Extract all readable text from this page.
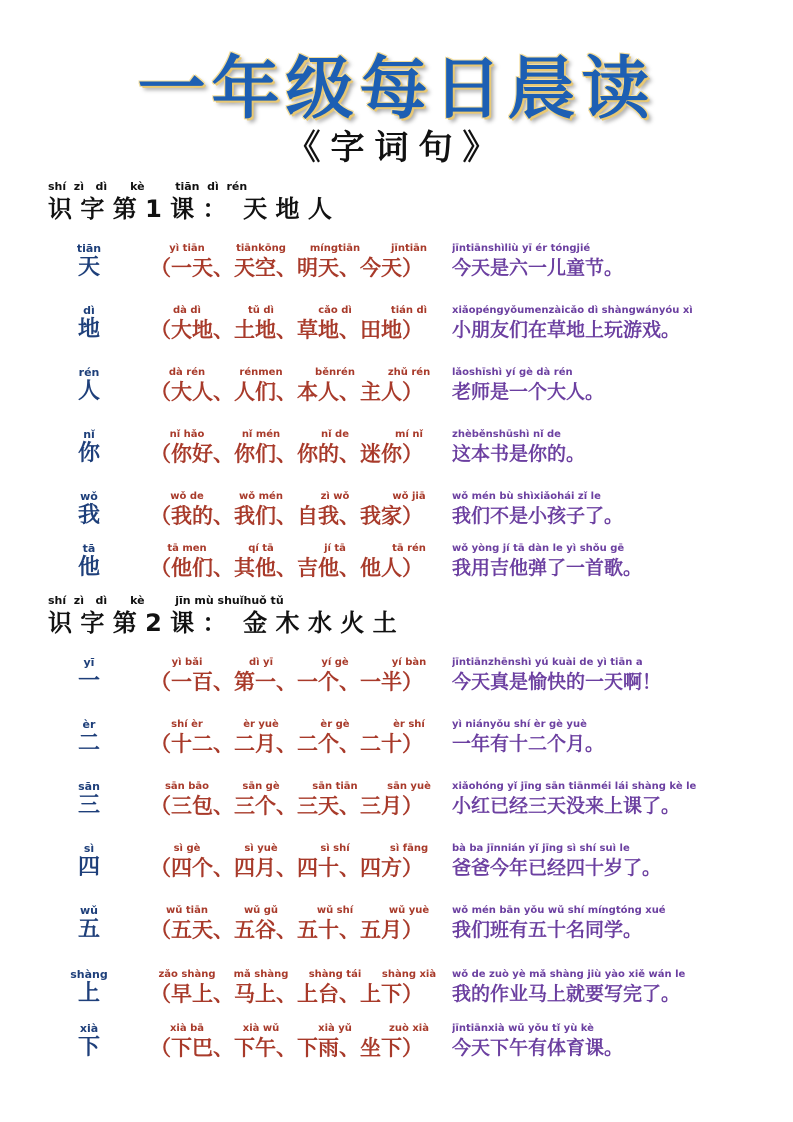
一年级每日晨读
《字词句》
shí  zì   dì      kè        tiān  dì  rén
识 字 第 1 课 ：  天 地 人
tiān
天
yì tiān	tiānkōng	míngtiān	jīntiān
（一天、天空、明天、今天）
jīntiānshìliù yī ér tóngjié
今天是六一儿童节。
dì
地
dà dì	tǔ dì	cǎo dì	tián dì
（大地、土地、草地、田地）
xiǎopéngyǒumenzàicǎo dì shàngwányóu xì
小朋友们在草地上玩游戏。
rén
人
dà rén	rénmen	běnrén	zhǔ rén
（大人、人们、本人、主人）
lǎoshīshì yí gè dà rén
老师是一个大人。
nǐ
你
nǐ hǎo	nǐ mén	nǐ de	mí nǐ
（你好、你们、你的、迷你）
zhèběnshūshì nǐ de
这本书是你的。
wǒ
我
wǒ de	wǒ mén	zì wǒ	wǒ jiā
（我的、我们、自我、我家）
wǒ mén bù shìxiǎohái zǐ le
我们不是小孩子了。
tā
他
tā men	qí tā	jí tā	tā rén
（他们、其他、吉他、他人）
wǒ yòng jí tā dàn le yì shǒu gē
我用吉他弹了一首歌。
shí  zì   dì      kè        jīn mù shuǐhuǒ tǔ
识 字 第 2 课 ：  金 木 水 火 土
yī
一
yì bǎi	dì yī	yí gè	yí bàn
（一百、第一、一个、一半）
jīntiānzhēnshì yú kuài de yì tiān a
今天真是愉快的一天啊！
èr
二
shí èr	èr yuè	èr gè	èr shí
（十二、二月、二个、二十）
yì niányǒu shí èr gè yuè
一年有十二个月。
sān
三
sān bāo	sān gè	sān tiān	sān yuè
（三包、三个、三天、三月）
xiǎohóng yǐ jīng sān tiānméi lái shàng kè le
小红已经三天没来上课了。
sì
四
sì gè	sì yuè	sì shí	sì fāng
（四个、四月、四十、四方）
bà ba jīnnián yǐ jīng sì shí suì le
爸爸今年已经四十岁了。
wǔ
五
wǔ tiān	wǔ gǔ	wǔ shí	wǔ yuè
（五天、五谷、五十、五月）
wǒ mén bān yǒu wǔ shí míngtóng xué
我们班有五十名同学。
shàng
上
zǎo shàng	mǎ shàng	shàng tái	shàng xià
（早上、马上、上台、上下）
wǒ de zuò yè mǎ shàng jiù yào xiě wán le
我的作业马上就要写完了。
xià
下
xià bā	xià wǔ	xià yǔ	zuò xià
（下巴、下午、下雨、坐下）
jīntiānxià wǔ yǒu tǐ yù kè
今天下午有体育课。
